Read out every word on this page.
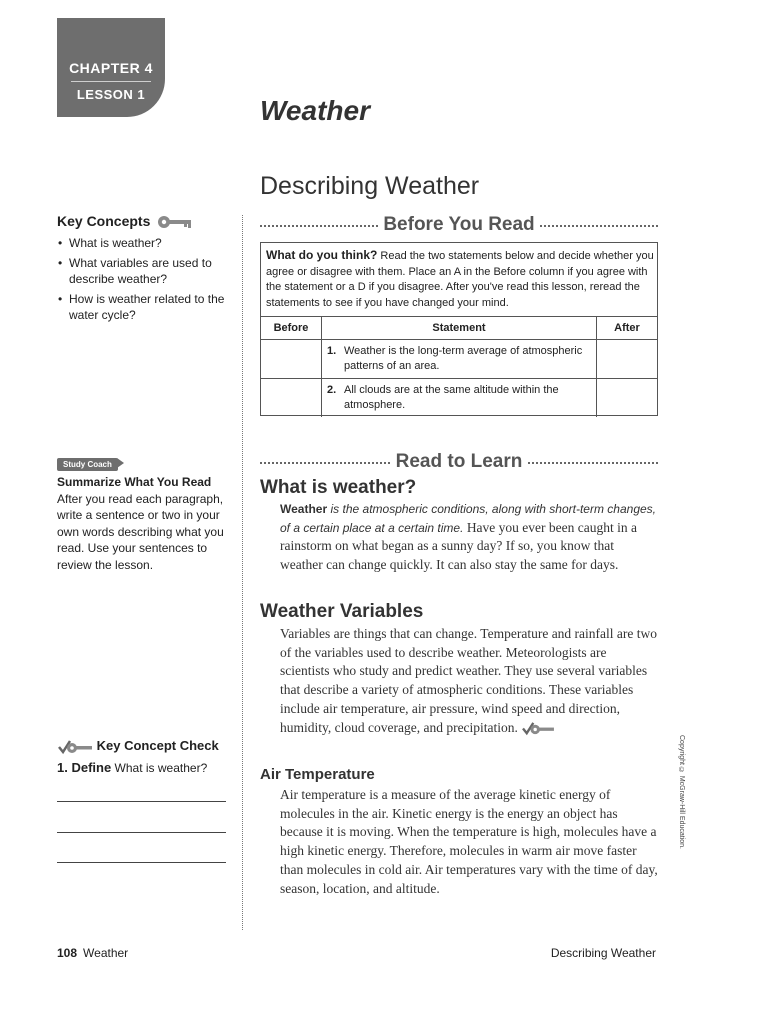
CHAPTER 4
LESSON 1
Weather
Describing Weather
Key Concepts
• What is weather?
• What variables are used to describe weather?
• How is weather related to the water cycle?
Study Coach
Summarize What You Read After you read each paragraph, write a sentence or two in your own words describing what you read. Use your sentences to review the lesson.
Key Concept Check
1. Define What is weather?
Before You Read
What do you think? Read the two statements below and decide whether you agree or disagree with them. Place an A in the Before column if you agree with the statement or a D if you disagree. After you've read this lesson, reread the statements to see if you have changed your mind.
Before	Statement	After

	1. Weather is the long-term average of atmospheric patterns of an area.	

	2. All clouds are at the same altitude within the atmosphere.	

Read to Learn
What is weather?
Weather is the atmospheric conditions, along with short-term changes, of a certain place at a certain time. Have you ever been caught in a rainstorm on what began as a sunny day? If so, you know that weather can change quickly. It can also stay the same for days.
Weather Variables
Variables are things that can change. Temperature and rainfall are two of the variables used to describe weather. Meteorologists are scientists who study and predict weather. They use several variables that describe a variety of atmospheric conditions. These variables include air temperature, air pressure, wind speed and direction, humidity, cloud coverage, and precipitation.
Air Temperature
Air temperature is a measure of the average kinetic energy of molecules in the air. Kinetic energy is the energy an object has because it is moving. When the temperature is high, molecules have a high kinetic energy. Therefore, molecules in warm air move faster than molecules in cold air. Air temperatures vary with the time of day, season, location, and altitude.
Copyright © McGraw-Hill Education.
108 Weather	Describing Weather
